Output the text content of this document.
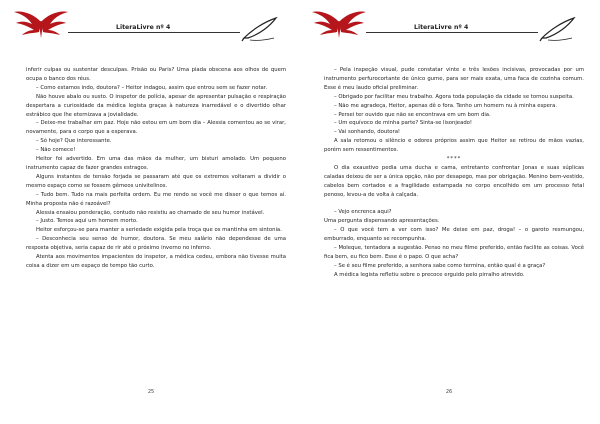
LiteraLivre nº 4

inferir culpas ou sustentar desculpas. Prisão ou Paris? Uma piada obscena aos olhos de quem ocupa o banco dos réus.

– Como estamos indo, doutora? – Heitor indagou, assim que entrou sem se fazer notar.

Não houve abalo ou susto. O inspetor de polícia, apesar de apresentar pulsação e respiração despertara a curiosidade da médica legista graças à natureza inarredável e o divertido olhar estrábico que lhe eternizava a jovialidade.

– Deixe-me trabalhar em paz. Hoje não estou em um bom dia – Alessia comentou ao se virar, novamente, para o corpo que a esperava.

– Só hoje? Que interessante.

– Não comece!

Heitor foi advertido. Em uma das mãos da mulher, um bisturi amolado. Um pequeno instrumento capaz de fazer grandes estragos.

Alguns instantes de tensão forjada se passaram até que os extremos voltaram a dividir o mesmo espaço como se fossem gêmeos univitelinos.

– Tudo bem. Tudo na mais perfeita ordem. Eu me rendo se você me disser o que temos aí. Minha proposta não é razoável?

Alessia ensaiou ponderação, contudo não resistiu ao chamado de seu humor instável.

– Justo. Temos aqui um homem morto.

Heitor esforçou-se para manter a seriedade exigida pela troça que os mantinha em sintonia.

– Desconhecia seu senso de humor, doutora. Se meu salário não dependesse de uma resposta objetiva, seria capaz de rir até o próximo inverno no inferno.

Atenta aos movimentos impacientes do inspetor, a médica cedeu, embora não tivesse muita coisa a dizer em um espaço de tempo tão curto.

25
LiteraLivre nº 4

– Pela inspeção visual, pude constatar vinte e três lesões incisivas, provocadas por um instrumento perfurocortante de único gume, para ser mais exata, uma faca de cozinha comum. Esse é meu laudo oficial preliminar.

– Obrigado por facilitar meu trabalho. Agora toda população da cidade se tornou suspeita.

– Não me agradeça, Heitor, apenas dê o fora. Tenho um homem nu à minha espera.

– Persei ter ouvido que não se encontrava em um bom dia.

– Um equívoco de minha parte? Sinta-se lisonjeado!

– Vai sonhando, doutora!

A sala retomou o silêncio e odores próprios assim que Heitor se retirou de mãos vazias, porém sem ressentimentos.

****

O dia exaustivo pedia uma ducha e cama, entretanto confrontar Jonas e suas súplicas caladas deixou de ser a única opção, não por desapego, mas por obrigação. Menino bem-vestido, cabelos bem cortados e a fragilidade estampada no corpo encolhido em um processo fetal penoso, levou-a de volta à calçada.

– Vejo encrenca aqui?

Uma pergunta dispensando apresentações.

– O que você tem a ver com isso? Me deixe em paz, droga! – o garoto resmungou, emburrado, enquanto se recompunha.

– Moleque, tentadora a sugestão. Penso no meu filme preferido, então facilite as coisas. Você fica bem, eu fico bem. Esse é o papo. O que acha?

– Se é seu filme preferido, a senhora sabe como termina, então qual é a graça?

A médica legista refletiu sobre o precoce erguido pelo pirralho atrevido.

26
